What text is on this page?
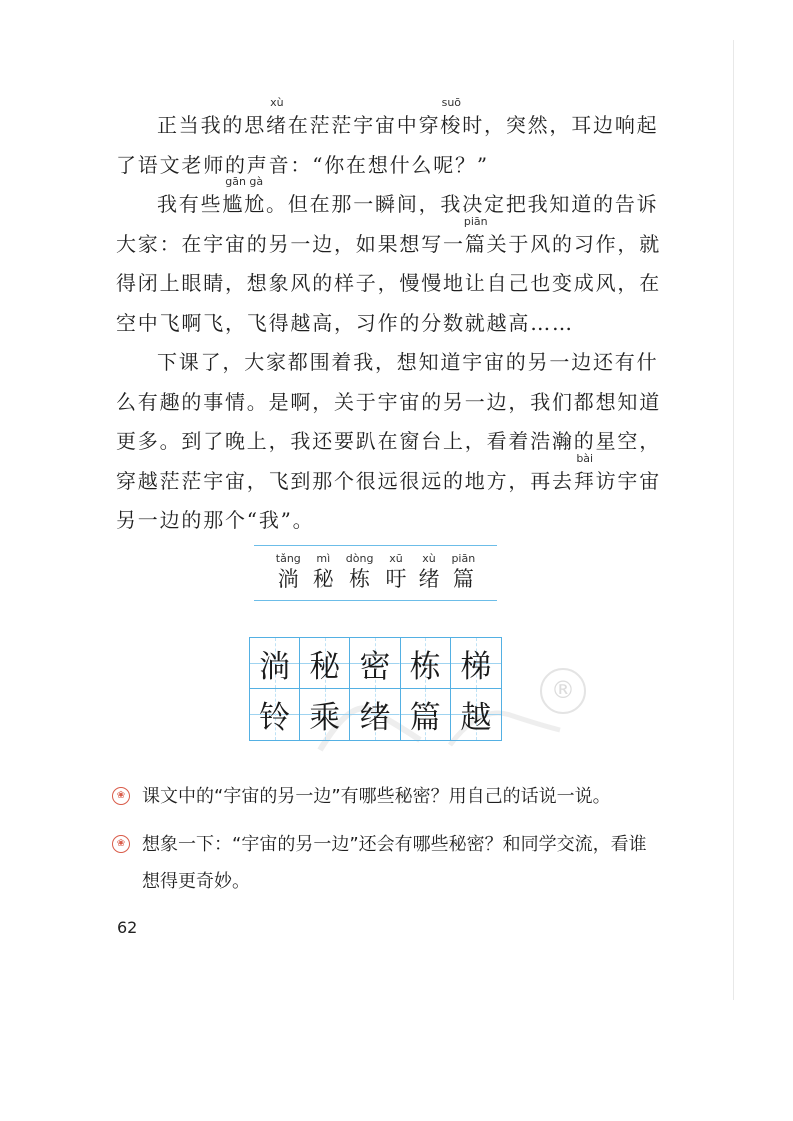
正当我的思
xù
绪在茫茫宇宙中穿
suō
梭时，突然，耳边响起
了语文老师的声音：“你在想什么呢？”
我有些
gān gà
尴尬。但在那一瞬间，我决定把我知道的告诉
大家：在宇宙的另一边，如果想写一
piān
篇关于风的习作，就
得闭上眼睛，想象风的样子，慢慢地让自己也变成风，在
空中飞啊飞，飞得越高，习作的分数就越高……
下课了，大家都围着我，想知道宇宙的另一边还有什
么有趣的事情。是啊，关于宇宙的另一边，我们都想知道
更多。到了晚上，我还要趴在窗台上，看着浩瀚的星空，
穿越茫茫宇宙，飞到那个很远很远的地方，再去
bài
拜访宇宙
另一边的那个“我”。
tǎng
淌
mì
秘
dòng
栋
xū
吁
xù
绪
piān
篇
®
淌 秘 密 栋 梯
铃 乘 绪 篇 越
❀ 课文中的“宇宙的另一边”有哪些秘密？用自己的话说一说。
❀ 想象一下：“宇宙的另一边”还会有哪些秘密？和同学交流，看谁想得更奇妙。
62
